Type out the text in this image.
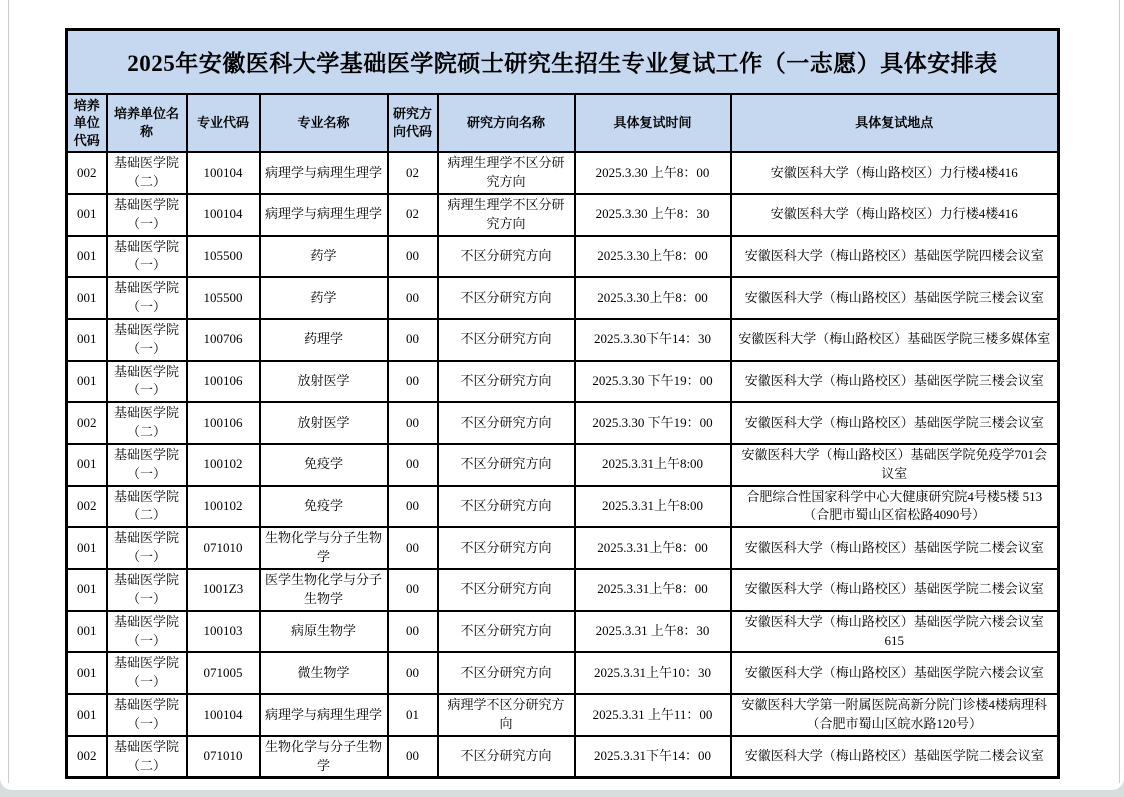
2025年安徽医科大学基础医学院硕士研究生招生专业复试工作（一志愿）具体安排表							
培养单位代码	培养单位名称	专业代码	专业名称	研究方向代码	研究方向名称	具体复试时间	具体复试地点
002	基础医学院（二）	100104	病理学与病理生理学	02	病理生理学不区分研究方向	2025.3.30 上午8：00	安徽医科大学（梅山路校区）力行楼4楼416
001	基础医学院（一）	100104	病理学与病理生理学	02	病理生理学不区分研究方向	2025.3.30 上午8：30	安徽医科大学（梅山路校区）力行楼4楼416
001	基础医学院（一）	105500	药学	00	不区分研究方向	2025.3.30上午8：00	安徽医科大学（梅山路校区）基础医学院四楼会议室
001	基础医学院（一）	105500	药学	00	不区分研究方向	2025.3.30上午8：00	安徽医科大学（梅山路校区）基础医学院三楼会议室
001	基础医学院（一）	100706	药理学	00	不区分研究方向	2025.3.30下午14：30	安徽医科大学（梅山路校区）基础医学院三楼多媒体室
001	基础医学院（一）	100106	放射医学	00	不区分研究方向	2025.3.30 下午19：00	安徽医科大学（梅山路校区）基础医学院三楼会议室
002	基础医学院（二）	100106	放射医学	00	不区分研究方向	2025.3.30 下午19：00	安徽医科大学（梅山路校区）基础医学院三楼会议室
001	基础医学院（一）	100102	免疫学	00	不区分研究方向	2025.3.31上午8:00	安徽医科大学（梅山路校区）基础医学院免疫学701会议室
002	基础医学院（二）	100102	免疫学	00	不区分研究方向	2025.3.31上午8:00	合肥综合性国家科学中心大健康研究院4号楼5楼 513（合肥市蜀山区宿松路4090号）
001	基础医学院（一）	071010	生物化学与分子生物学	00	不区分研究方向	2025.3.31上午8：00	安徽医科大学（梅山路校区）基础医学院二楼会议室
001	基础医学院（一）	1001Z3	医学生物化学与分子生物学	00	不区分研究方向	2025.3.31上午8：00	安徽医科大学（梅山路校区）基础医学院二楼会议室
001	基础医学院（一）	100103	病原生物学	00	不区分研究方向	2025.3.31 上午8：30	安徽医科大学（梅山路校区）基础医学院六楼会议室615
001	基础医学院（一）	071005	微生物学	00	不区分研究方向	2025.3.31上午10：30	安徽医科大学（梅山路校区）基础医学院六楼会议室
001	基础医学院（一）	100104	病理学与病理生理学	01	病理学不区分研究方向	2025.3.31 上午11：00	安徽医科大学第一附属医院高新分院门诊楼4楼病理科（合肥市蜀山区皖水路120号）
002	基础医学院（二）	071010	生物化学与分子生物学	00	不区分研究方向	2025.3.31下午14：00	安徽医科大学（梅山路校区）基础医学院二楼会议室
